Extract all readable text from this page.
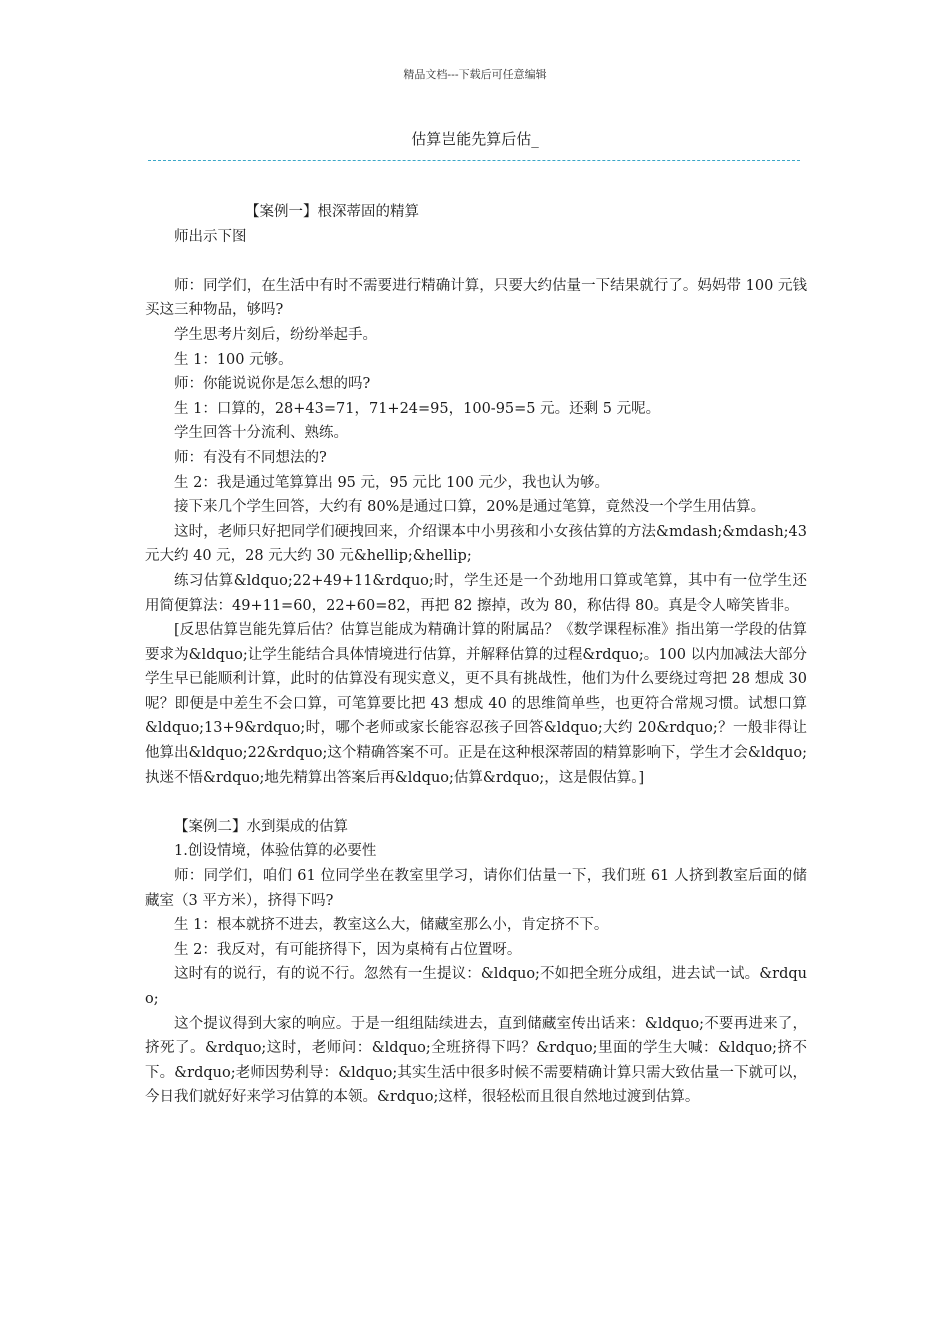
精品文档---下载后可任意编辑
估算岂能先算后估_

【案例一】根深蒂固的精算

师出示下图

师：同学们，在生活中有时不需要进行精确计算，只要大约估量一下结果就行了。妈妈带 100 元钱买这三种物品，够吗?

学生思考片刻后，纷纷举起手。

生 1：100 元够。

师：你能说说你是怎么想的吗?

生 1：口算的，28+43=71，71+24=95，100-95=5 元。还剩 5 元呢。

学生回答十分流利、熟练。

师：有没有不同想法的?

生 2：我是通过笔算算出 95 元，95 元比 100 元少，我也认为够。

接下来几个学生回答，大约有 80%是通过口算，20%是通过笔算，竟然没一个学生用估算。

这时，老师只好把同学们硬拽回来，介绍课本中小男孩和小女孩估算的方法&mdash;&mdash;43 元大约 40 元，28 元大约 30 元&hellip;&hellip;

练习估算&ldquo;22+49+11&rdquo;时，学生还是一个劲地用口算或笔算，其中有一位学生还用简便算法：49+11=60，22+60=82，再把 82 擦掉，改为 80，称估得 80。真是令人啼笑皆非。

[反思估算岂能先算后估？估算岂能成为精确计算的附属品？《数学课程标准》指出第一学段的估算要求为&ldquo;让学生能结合具体情境进行估算，并解释估算的过程&rdquo;。100 以内加减法大部分学生早已能顺利计算，此时的估算没有现实意义，更不具有挑战性，他们为什么要绕过弯把 28 想成 30 呢？即便是中差生不会口算，可笔算要比把 43 想成 40 的思维简单些，也更符合常规习惯。试想口算&ldquo;13+9&rdquo;时，哪个老师或家长能容忍孩子回答&ldquo;大约 20&rdquo;？一般非得让他算出&ldquo;22&rdquo;这个精确答案不可。正是在这种根深蒂固的精算影响下，学生才会&ldquo;执迷不悟&rdquo;地先精算出答案后再&ldquo;估算&rdquo;，这是假估算。]

【案例二】水到渠成的估算

1.创设情境，体验估算的必要性

师：同学们，咱们 61 位同学坐在教室里学习，请你们估量一下，我们班 61 人挤到教室后面的储藏室（3 平方米），挤得下吗?

生 1：根本就挤不进去，教室这么大，储藏室那么小，肯定挤不下。

生 2：我反对，有可能挤得下，因为桌椅有占位置呀。

这时有的说行，有的说不行。忽然有一生提议：&ldquo;不如把全班分成组，进去试一试。&rdquo;

这个提议得到大家的响应。于是一组组陆续进去，直到储藏室传出话来：&ldquo;不要再进来了，挤死了。&rdquo;这时，老师问：&ldquo;全班挤得下吗？&rdquo;里面的学生大喊：&ldquo;挤不下。&rdquo;老师因势利导：&ldquo;其实生活中很多时候不需要精确计算只需大致估量一下就可以，今日我们就好好来学习估算的本领。&rdquo;这样，很轻松而且很自然地过渡到估算。
